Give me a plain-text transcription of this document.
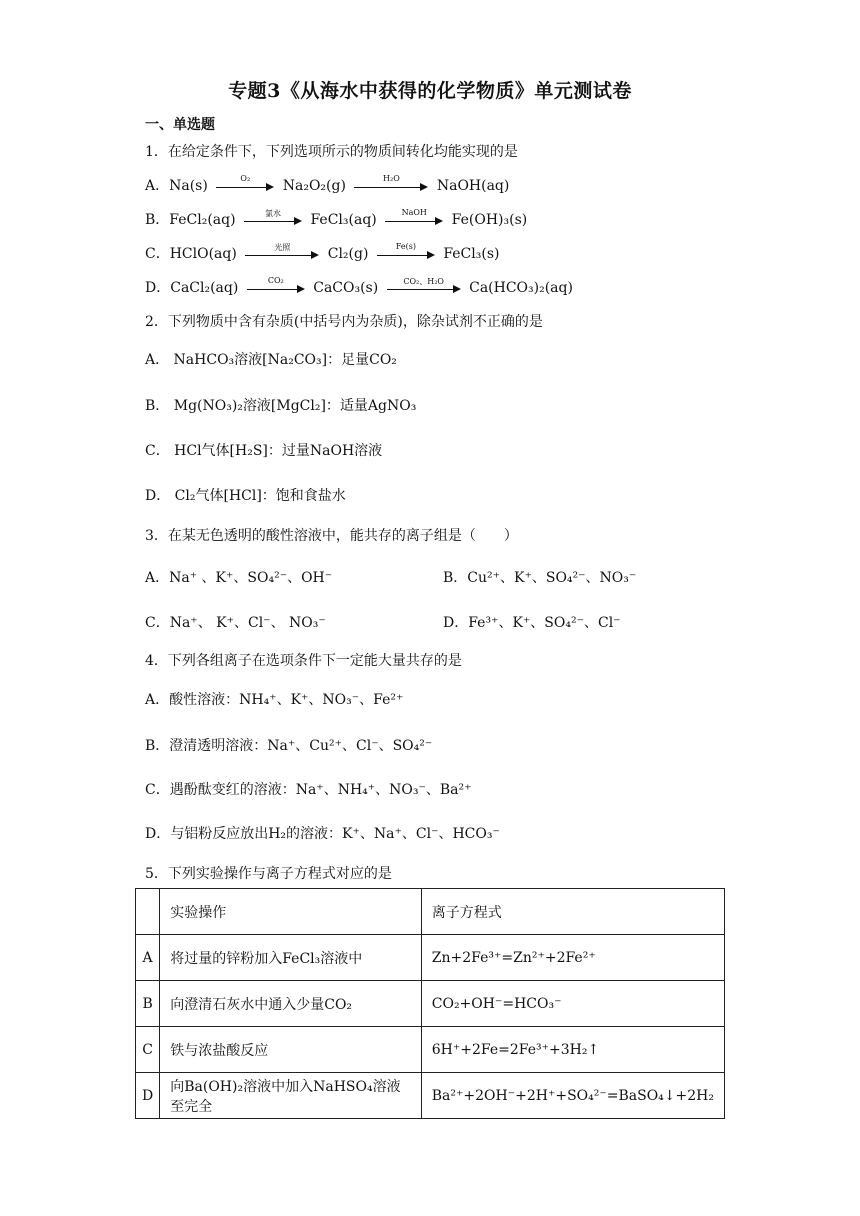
专题3《从海水中获得的化学物质》单元测试卷
一、单选题
1．在给定条件下，下列选项所示的物质间转化均能实现的是
A．Na(s)	O₂	Na₂O₂(g)	H₂O	NaOH(aq)
B．FeCl₂(aq)	氯水	FeCl₃(aq)	NaOH	Fe(OH)₃(s)
C．HClO(aq)	光照	Cl₂(g)	Fe(s)	FeCl₃(s)
D．CaCl₂(aq)	CO₂	CaCO₃(s)	CO₂、H₂O	Ca(HCO₃)₂(aq)
2．下列物质中含有杂质(中括号内为杂质)，除杂试剂不正确的是
A． NaHCO₃溶液[Na₂CO₃]：足量CO₂
B． Mg(NO₃)₂溶液[MgCl₂]：适量AgNO₃
C． HCl气体[H₂S]：过量NaOH溶液
D． Cl₂气体[HCl]：饱和食盐水
3．在某无色透明的酸性溶液中，能共存的离子组是（　　）
A．Na⁺ 、K⁺、SO₄²⁻、OH⁻	B．Cu²⁺、K⁺、SO₄²⁻、NO₃⁻
C．Na⁺、 K⁺、Cl⁻、 NO₃⁻	D．Fe³⁺、K⁺、SO₄²⁻、Cl⁻
4．下列各组离子在选项条件下一定能大量共存的是
A．酸性溶液：NH₄⁺、K⁺、NO₃⁻、Fe²⁺
B．澄清透明溶液：Na⁺、Cu²⁺、Cl⁻、SO₄²⁻
C．遇酚酞变红的溶液：Na⁺、NH₄⁺、NO₃⁻、Ba²⁺
D．与铝粉反应放出H₂的溶液：K⁺、Na⁺、Cl⁻、HCO₃⁻
5．下列实验操作与离子方程式对应的是
	实验操作	离子方程式
A	将过量的锌粉加入FeCl₃溶液中	Zn+2Fe³⁺=Zn²⁺+2Fe²⁺
B	向澄清石灰水中通入少量CO₂	CO₂+OH⁻=HCO₃⁻
C	铁与浓盐酸反应	6H⁺+2Fe=2Fe³⁺+3H₂↑
D	向Ba(OH)₂溶液中加入NaHSO₄溶液至完全	Ba²⁺+2OH⁻+2H⁺+SO₄²⁻=BaSO₄↓+2H₂
